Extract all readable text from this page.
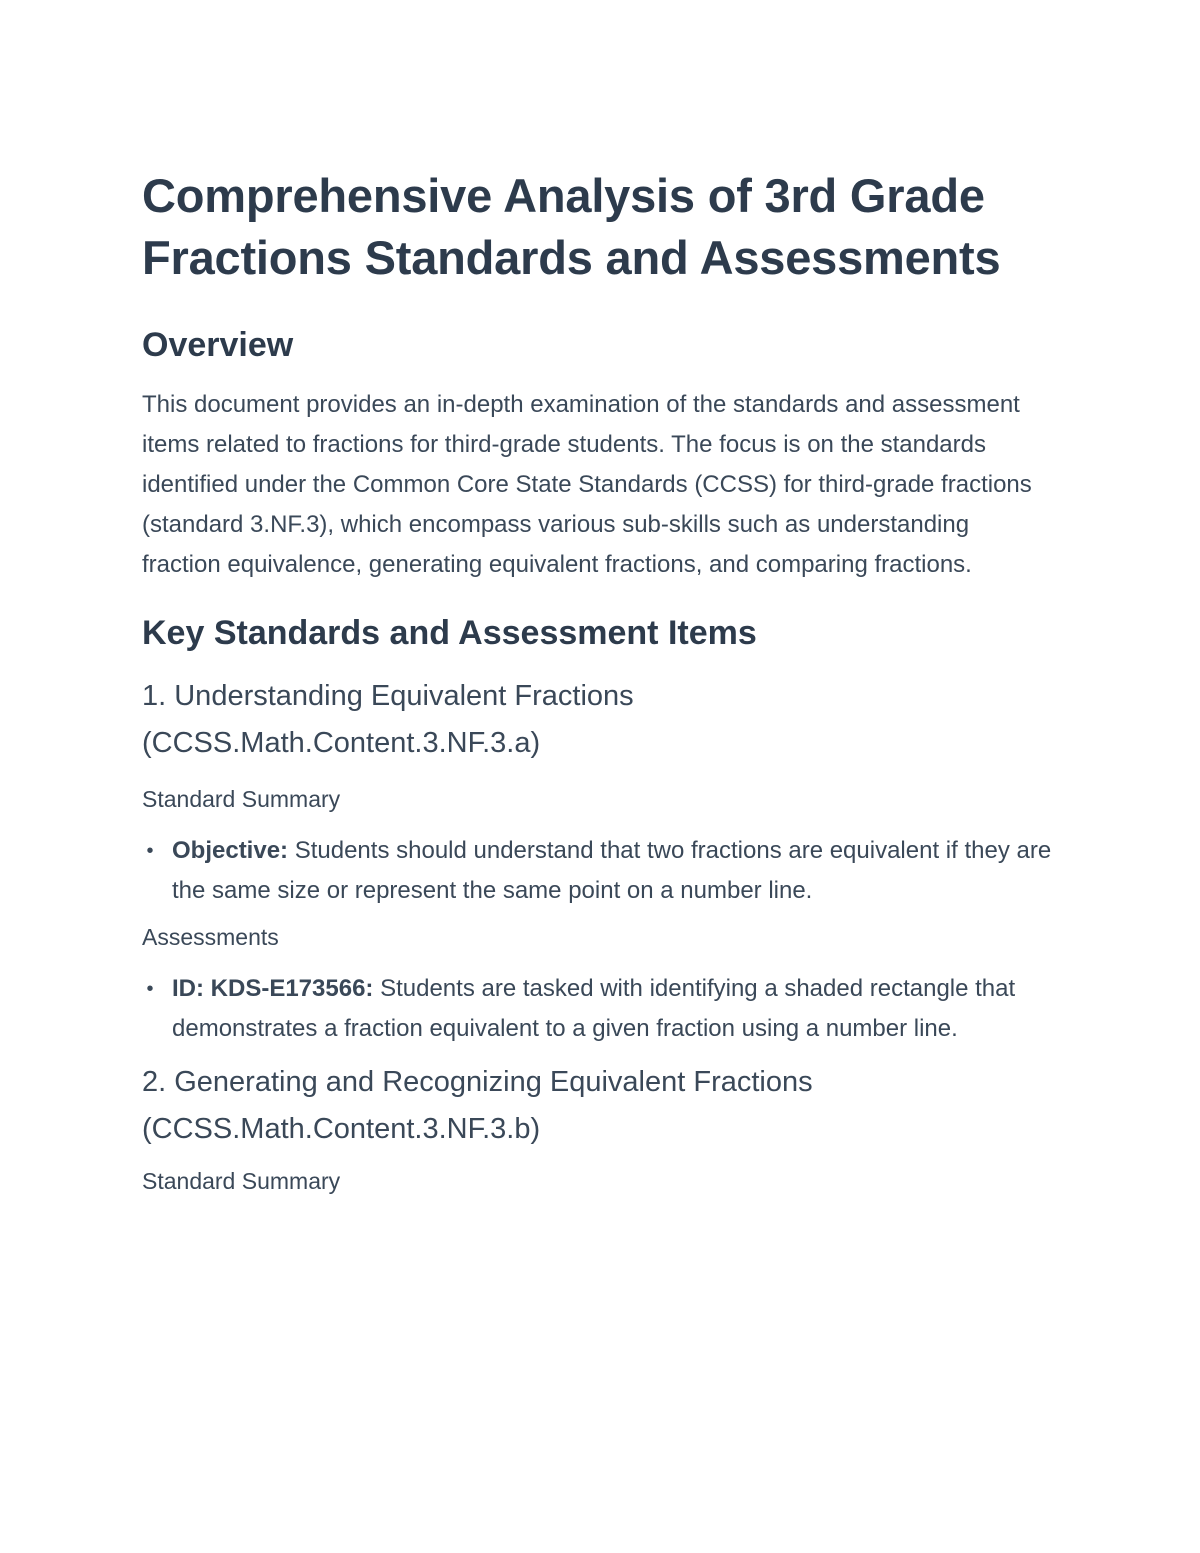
Comprehensive Analysis of 3rd Grade Fractions Standards and Assessments
Overview

This document provides an in-depth examination of the standards and assessment items related to fractions for third-grade students. The focus is on the standards identified under the Common Core State Standards (CCSS) for third-grade fractions (standard 3.NF.3), which encompass various sub-skills such as understanding fraction equivalence, generating equivalent fractions, and comparing fractions.

Key Standards and Assessment Items
1. Understanding Equivalent Fractions
(CCSS.Math.Content.3.NF.3.a)
Standard Summary
• Objective: Students should understand that two fractions are equivalent if they are the same size or represent the same point on a number line.
Assessments
• ID: KDS-E173566: Students are tasked with identifying a shaded rectangle that demonstrates a fraction equivalent to a given fraction using a number line.
2. Generating and Recognizing Equivalent Fractions
(CCSS.Math.Content.3.NF.3.b)
Standard Summary
